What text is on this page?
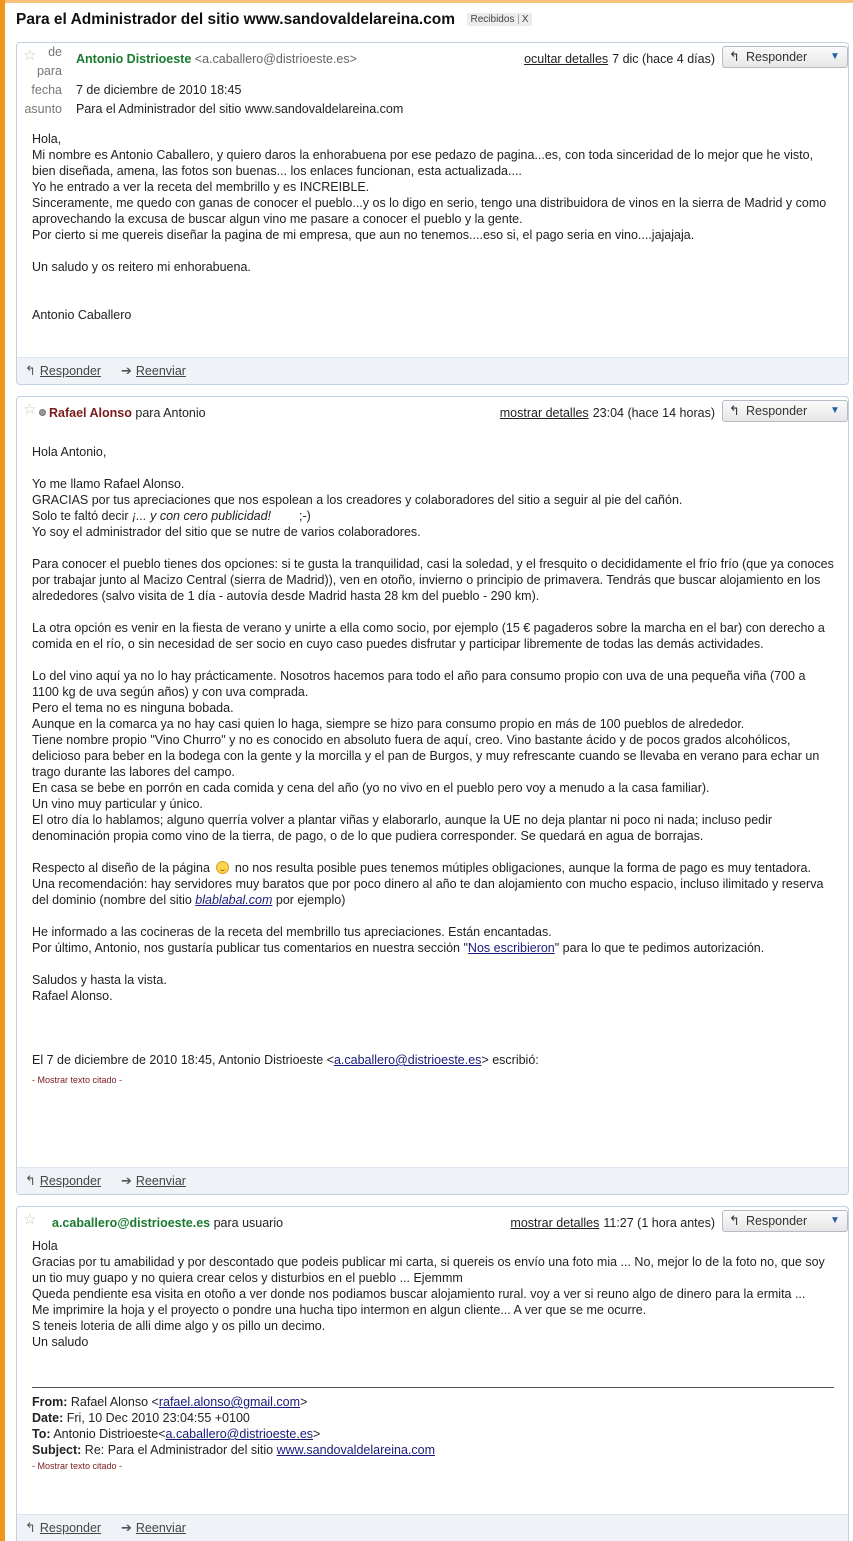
Para el Administrador del sitio www.sandovaldelareina.com Recibidos | X
☆	Antonio Distrioeste <a.caballero@distrioeste.es>	ocultar detalles 7 dic (hace 4 días) ↰ Responder	▼
de
para
fecha 7 de diciembre de 2010 18:45
asunto Para el Administrador del sitio www.sandovaldelareina.com

Hola,

Mi nombre es Antonio Caballero, y quiero daros la enhorabuena por ese pedazo de pagina...es, con toda sinceridad de lo mejor que he visto, bien diseñada, amena, las fotos son buenas... los enlaces funcionan, esta actualizada....

Yo he entrado a ver la receta del membrillo y es INCREIBLE.

Sinceramente, me quedo con ganas de conocer el pueblo...y os lo digo en serio, tengo una distribuidora de vinos en la sierra de Madrid y como aprovechando la excusa de buscar algun vino me pasare a conocer el pueblo y la gente.

Por cierto si me quereis diseñar la pagina de mi empresa, que aun no tenemos....eso si, el pago seria en vino....jajajaja.

Un saludo y os reitero mi enhorabuena.

Antonio Caballero

↰ Responder ➔ Reenviar
☆	Rafael Alonso para Antonio	mostrar detalles 23:04 (hace 14 horas) ↰ Responder	▼

Hola Antonio,

Yo me llamo Rafael Alonso.

GRACIAS por tus apreciaciones que nos espolean a los creadores y colaboradores del sitio a seguir al pie del cañón.

Solo te faltó decir ¡... y con cero publicidad! ;-)

Yo soy el administrador del sitio que se nutre de varios colaboradores.

Para conocer el pueblo tienes dos opciones: si te gusta la tranquilidad, casi la soledad, y el fresquito o decididamente el frío frío (que ya conoces por trabajar junto al Macizo Central (sierra de Madrid)), ven en otoño, invierno o principio de primavera. Tendrás que buscar alojamiento en los alrededores (salvo visita de 1 día - autovía desde Madrid hasta 28 km del pueblo - 290 km).

La otra opción es venir en la fiesta de verano y unirte a ella como socio, por ejemplo (15 € pagaderos sobre la marcha en el bar) con derecho a comida en el río, o sin necesidad de ser socio en cuyo caso puedes disfrutar y participar libremente de todas las demás actividades.

Lo del vino aquí ya no lo hay prácticamente. Nosotros hacemos para todo el año para consumo propio con uva de una pequeña viña (700 a 1100 kg de uva según años) y con uva comprada.

Pero el tema no es ninguna bobada.

Aunque en la comarca ya no hay casi quien lo haga, siempre se hizo para consumo propio en más de 100 pueblos de alrededor.

Tiene nombre propio "Vino Churro" y no es conocido en absoluto fuera de aquí, creo. Vino bastante ácido y de pocos grados alcohólicos, delicioso para beber en la bodega con la gente y la morcilla y el pan de Burgos, y muy refrescante cuando se llevaba en verano para echar un trago durante las labores del campo.

En casa se bebe en porrón en cada comida y cena del año (yo no vivo en el pueblo pero voy a menudo a la casa familiar).

Un vino muy particular y único.

El otro día lo hablamos; alguno querría volver a plantar viñas y elaborarlo, aunque la UE no deja plantar ni poco ni nada; incluso pedir denominación propia como vino de la tierra, de pago, o de lo que pudiera corresponder. Se quedará en agua de borrajas.

Respecto al diseño de la página no nos resulta posible pues tenemos mútiples obligaciones, aunque la forma de pago es muy tentadora.

Una recomendación: hay servidores muy baratos que por poco dinero al año te dan alojamiento con mucho espacio, incluso ilimitado y reserva del dominio (nombre del sitio blablabal.com por ejemplo)

He informado a las cocineras de la receta del membrillo tus apreciaciones. Están encantadas.

Por último, Antonio, nos gustaría publicar tus comentarios en nuestra sección "Nos escribieron" para lo que te pedimos autorización.

Saludos y hasta la vista.

Rafael Alonso.

El 7 de diciembre de 2010 18:45, Antonio Distrioeste <a.caballero@distrioeste.es> escribió:

- Mostrar texto citado -
↰ Responder ➔ Reenviar
☆ a.caballero@distrioeste.es para usuario	mostrar detalles 11:27 (1 hora antes) ↰ Responder	▼

Hola

Gracias por tu amabilidad y por descontado que podeis publicar mi carta, si quereis os envío una foto mia ... No, mejor lo de la foto no, que soy un tio muy guapo y no quiera crear celos y disturbios en el pueblo ... Ejemmm

Queda pendiente esa visita en otoño a ver donde nos podiamos buscar alojamiento rural. voy a ver si reuno algo de dinero para la ermita ...

Me imprimire la hoja y el proyecto o pondre una hucha tipo intermon en algun cliente... A ver que se me ocurre.

S teneis loteria de alli dime algo y os pillo un decimo.

Un saludo

From: Rafael Alonso <rafael.alonso@gmail.com>

Date: Fri, 10 Dec 2010 23:04:55 +0100

To: Antonio Distrioeste<a.caballero@distrioeste.es>

Subject: Re: Para el Administrador del sitio www.sandovaldelareina.com

- Mostrar texto citado -
↰ Responder ➔ Reenviar
